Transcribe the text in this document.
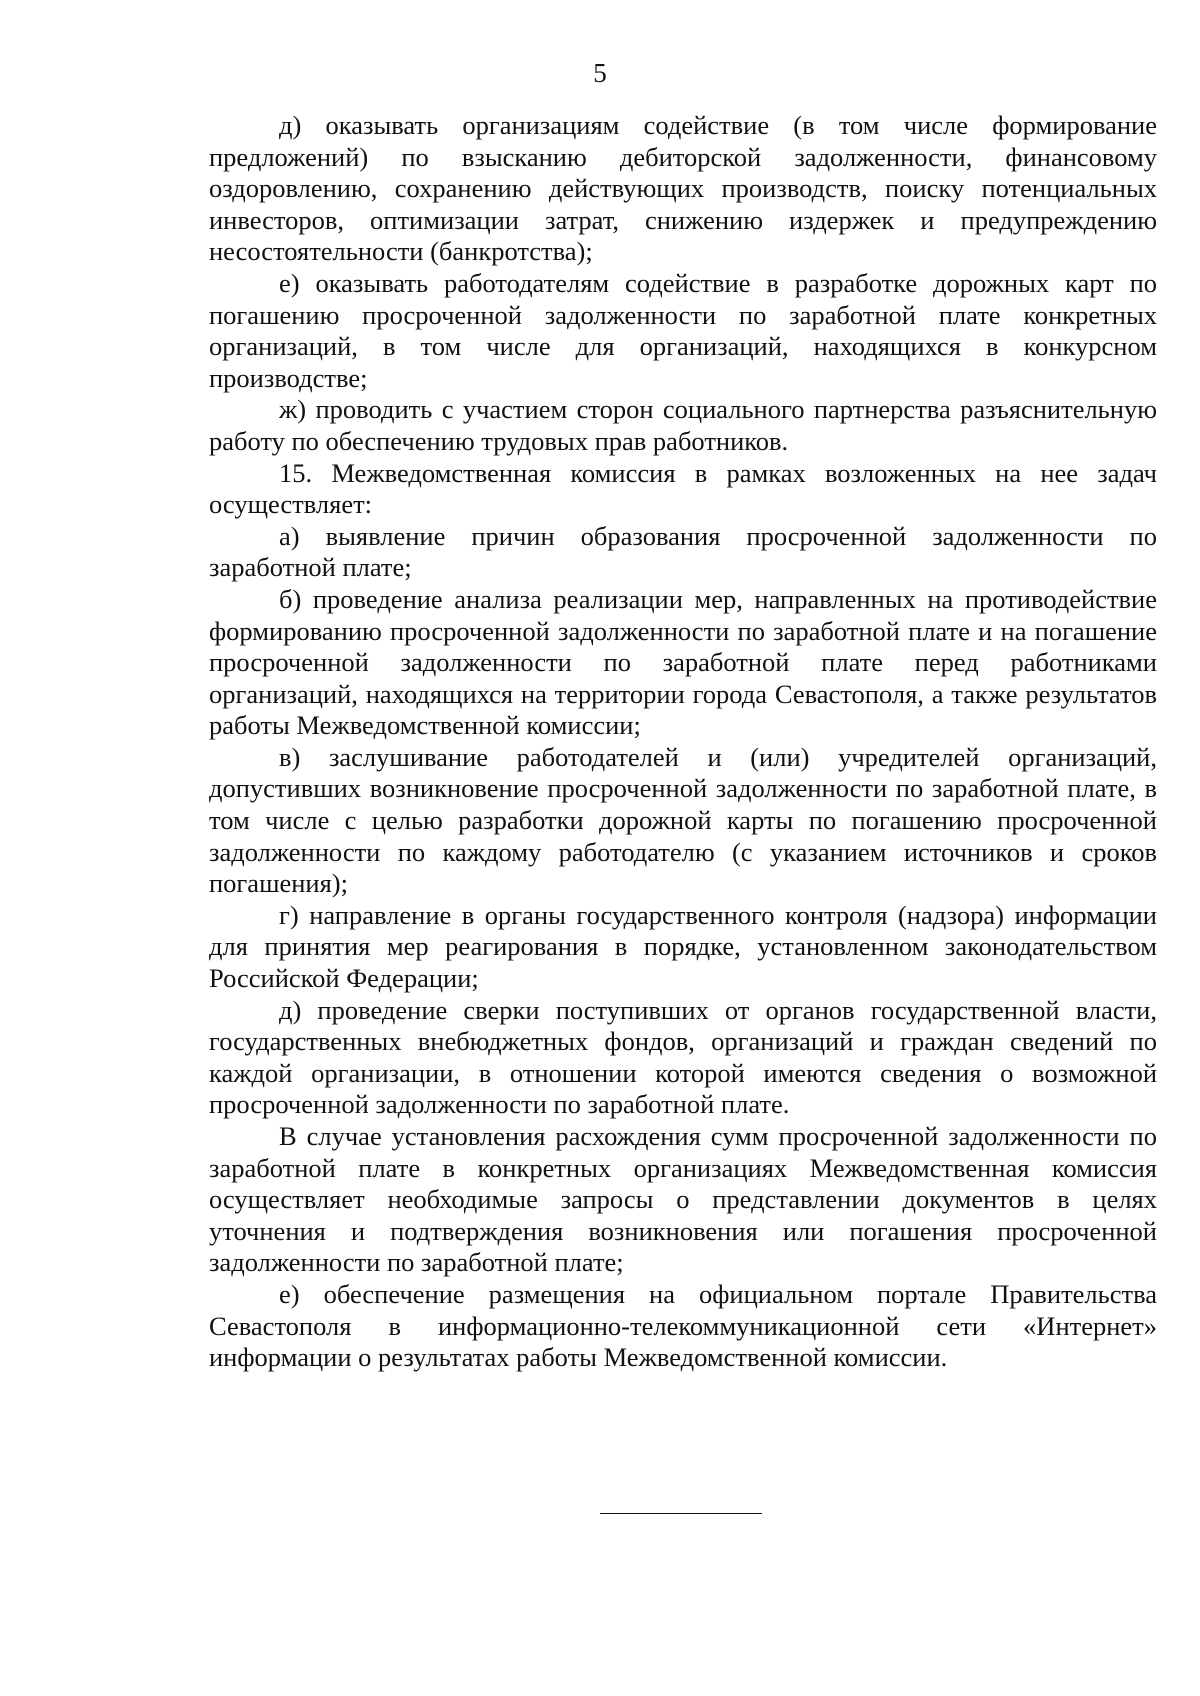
5

д) оказывать организациям содействие (в том числе формирование предложений) по взысканию дебиторской задолженности, финансовому оздоровлению, сохранению действующих производств, поиску потенциальных инвесторов, оптимизации затрат, снижению издержек и предупреждению несостоятельности (банкротства);

е) оказывать работодателям содействие в разработке дорожных карт по погашению просроченной задолженности по заработной плате конкретных организаций, в том числе для организаций, находящихся в конкурсном производстве;

ж) проводить с участием сторон социального партнерства разъяснительную работу по обеспечению трудовых прав работников.

15. Межведомственная комиссия в рамках возложенных на нее задач осуществляет:

а) выявление причин образования просроченной задолженности по заработной плате;

б) проведение анализа реализации мер, направленных на противодействие формированию просроченной задолженности по заработной плате и на погашение просроченной задолженности по заработной плате перед работниками организаций, находящихся на территории города Севастополя, а также результатов работы Межведомственной комиссии;

в) заслушивание работодателей и (или) учредителей организаций, допустивших возникновение просроченной задолженности по заработной плате, в том числе с целью разработки дорожной карты по погашению просроченной задолженности по каждому работодателю (с указанием источников и сроков погашения);

г) направление в органы государственного контроля (надзора) информации для принятия мер реагирования в порядке, установленном законодательством Российской Федерации;

д) проведение сверки поступивших от органов государственной власти, государственных внебюджетных фондов, организаций и граждан сведений по каждой организации, в отношении которой имеются сведения о возможной просроченной задолженности по заработной плате.

В случае установления расхождения сумм просроченной задолженности по заработной плате в конкретных организациях Межведомственная комиссия осуществляет необходимые запросы о представлении документов в целях уточнения и подтверждения возникновения или погашения просроченной задолженности по заработной плате;

е) обеспечение размещения на официальном портале Правительства Севастополя в информационно-телекоммуникационной сети «Интернет» информации о результатах работы Межведомственной комиссии.
